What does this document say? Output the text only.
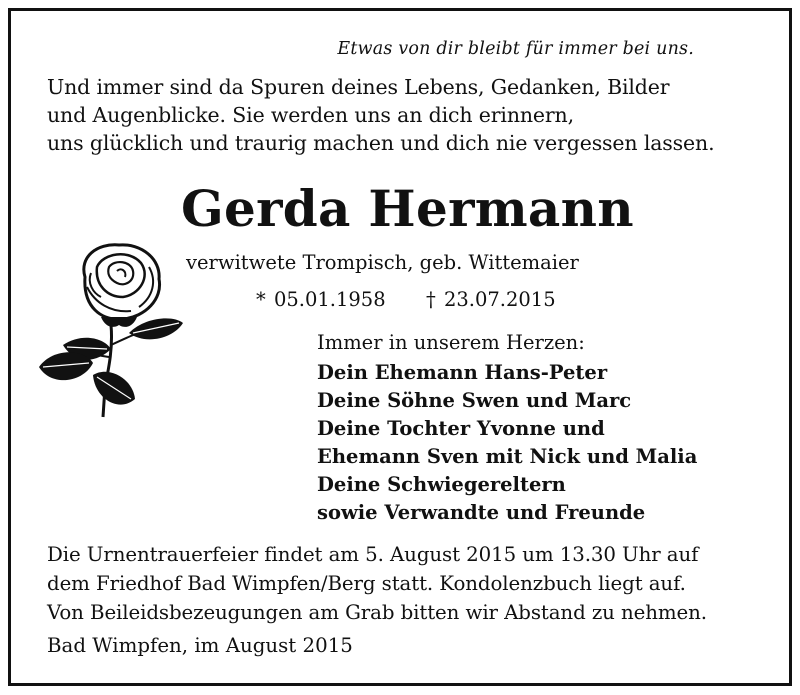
Etwas von dir bleibt für immer bei uns.
Und immer sind da Spuren deines Lebens, Gedanken, Bilder
und Augenblicke. Sie werden uns an dich erinnern,
uns glücklich und traurig machen und dich nie vergessen lassen.
Gerda Hermann
verwitwete Trompisch, geb. Wittemaier
* 05.01.1958 † 23.07.2015
Immer in unserem Herzen:
Dein Ehemann Hans-Peter
Deine Söhne Swen und Marc
Deine Tochter Yvonne und
Ehemann Sven mit Nick und Malia
Deine Schwiegereltern
sowie Verwandte und Freunde
Die Urnentrauerfeier findet am 5. August 2015 um 13.30 Uhr auf
dem Friedhof Bad Wimpfen/Berg statt. Kondolenzbuch liegt auf.
Von Beileidsbezeugungen am Grab bitten wir Abstand zu nehmen.
Bad Wimpfen, im August 2015
